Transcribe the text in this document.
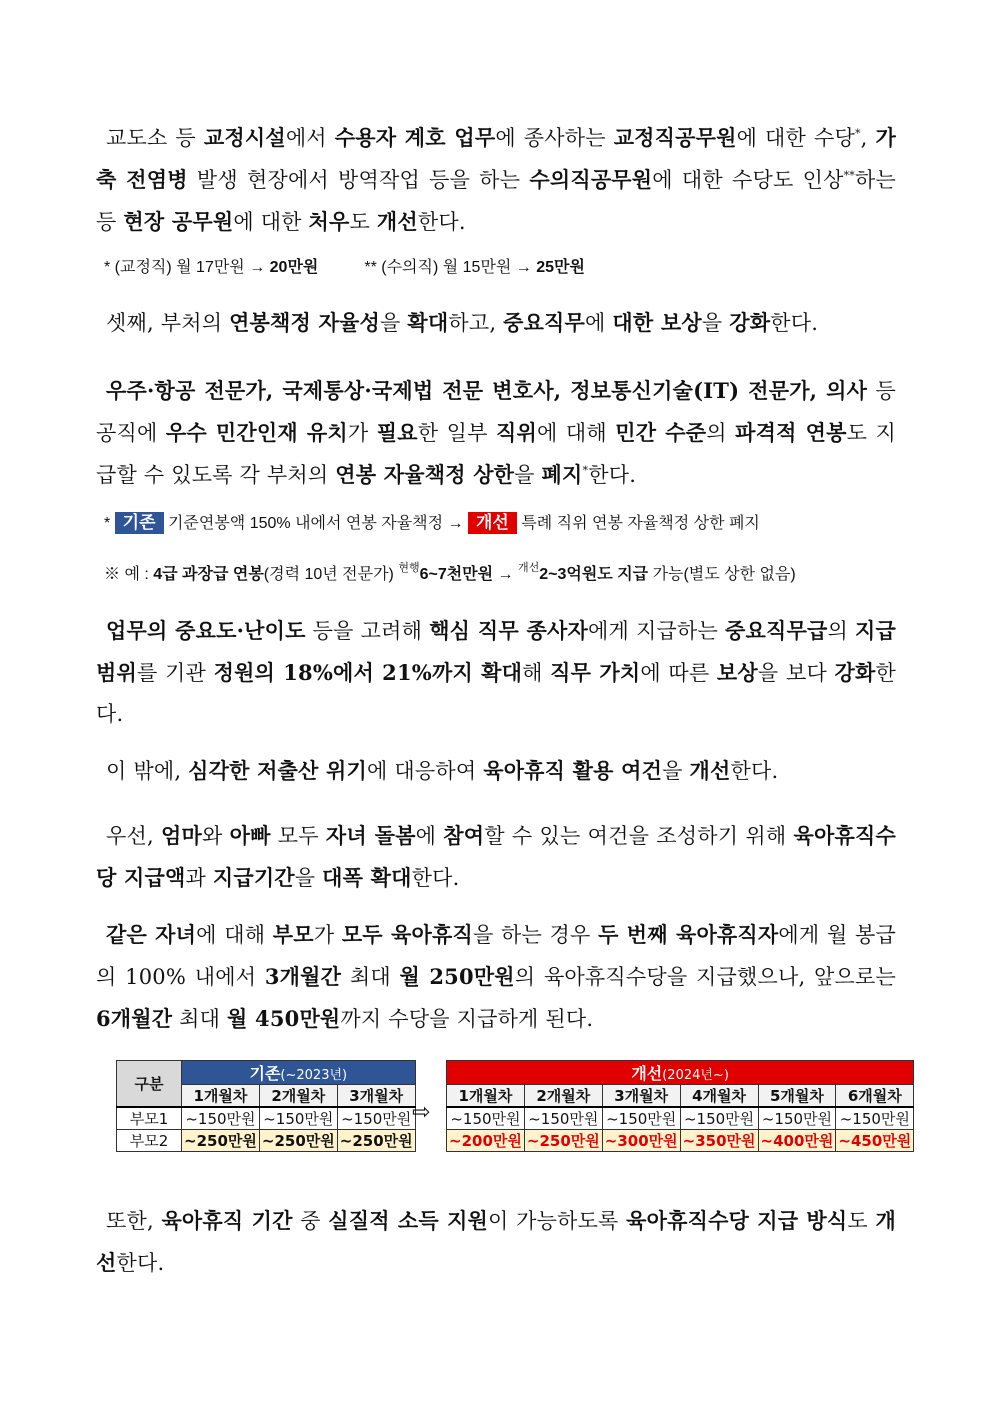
교도소 등 교정시설에서 수용자 계호 업무에 종사하는 교정직공무원에 대한 수당*, 가축 전염병 발생 현장에서 방역작업 등을 하는 수의직공무원에 대한 수당도 인상**하는 등 현장 공무원에 대한 처우도 개선한다.
* (교정직) 월 17만원 → 20만원	** (수의직) 월 15만원 → 25만원
셋째, 부처의 연봉책정 자율성을 확대하고, 중요직무에 대한 보상을 강화한다.
우주·항공 전문가, 국제통상·국제법 전문 변호사, 정보통신기술(IT) 전문가, 의사 등 공직에 우수 민간인재 유치가 필요한 일부 직위에 대해 민간 수준의 파격적 연봉도 지급할 수 있도록 각 부처의 연봉 자율책정 상한을 폐지*한다.
* 기존 기준연봉액 150% 내에서 연봉 자율책정 → 개선 특례 직위 연봉 자율책정 상한 폐지
※ 예 : 4급 과장급 연봉(경력 10년 전문가) $^{현행}$6~7천만원 → $^{개선}$2~3억원도 지급 가능(별도 상한 없음)
업무의 중요도·난이도 등을 고려해 핵심 직무 종사자에게 지급하는 중요직무급의 지급범위를 기관 정원의 18%에서 21%까지 확대해 직무 가치에 따른 보상을 보다 강화한다.
이 밖에, 심각한 저출산 위기에 대응하여 육아휴직 활용 여건을 개선한다.
우선, 엄마와 아빠 모두 자녀 돌봄에 참여할 수 있는 여건을 조성하기 위해 육아휴직수당 지급액과 지급기간을 대폭 확대한다.
같은 자녀에 대해 부모가 모두 육아휴직을 하는 경우 두 번째 육아휴직자에게 월 봉급의 100% 내에서 3개월간 최대 월 250만원의 육아휴직수당을 지급했으나, 앞으로는 6개월간 최대 월 450만원까지 수당을 지급하게 된다.
구분	기존(~2023년)		
	1개월차	2개월차	3개월차
부모1	~150만원	~150만원	~150만원
부모2	~250만원	~250만원	~250만원
⇨
개선(2024년~)					
1개월차	2개월차	3개월차	4개월차	5개월차	6개월차
~150만원	~150만원	~150만원	~150만원	~150만원	~150만원
~200만원	~250만원	~300만원	~350만원	~400만원	~450만원
또한, 육아휴직 기간 중 실질적 소득 지원이 가능하도록 육아휴직수당 지급 방식도 개선한다.
